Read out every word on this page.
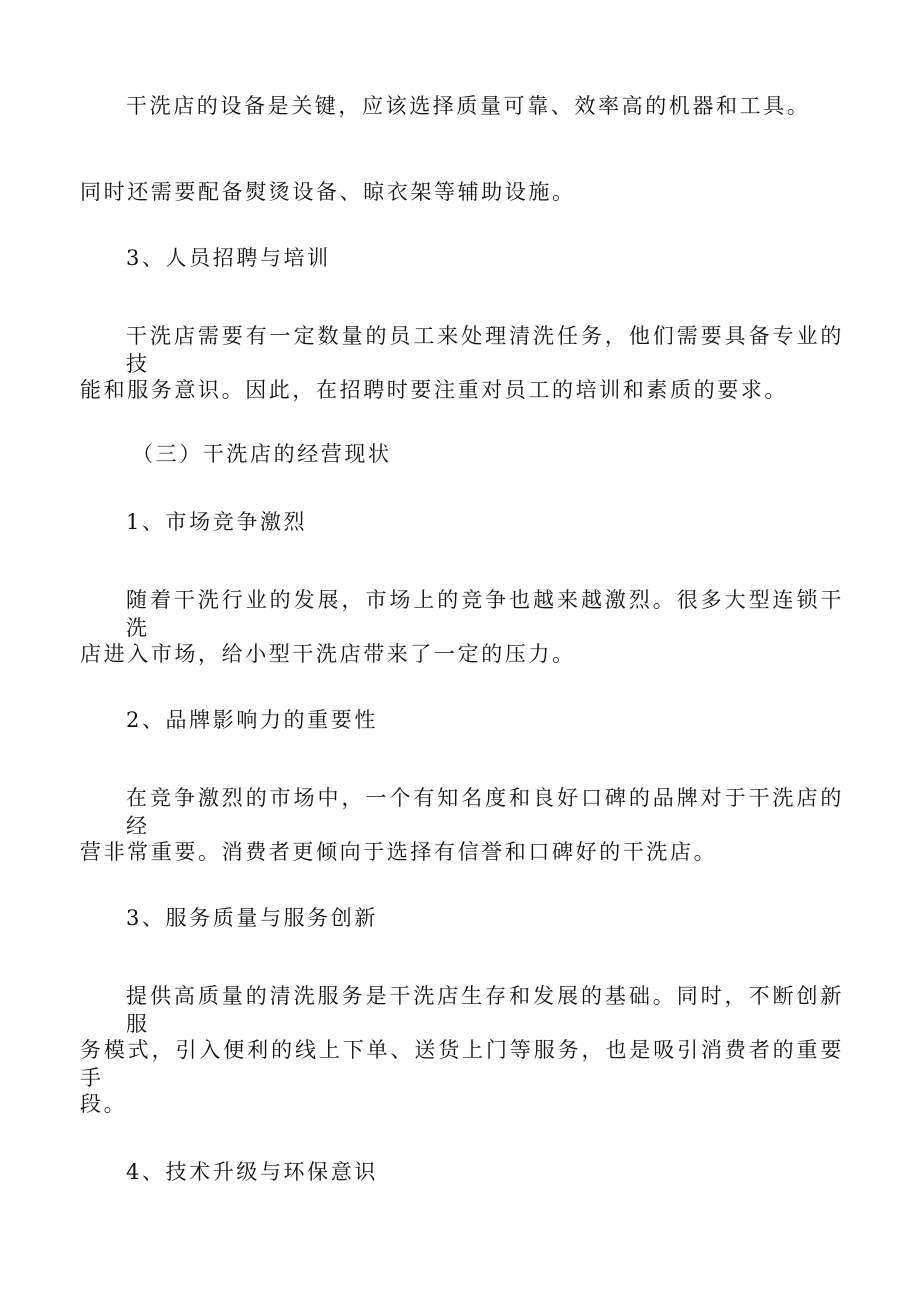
干洗店的设备是关键，应该选择质量可靠、效率高的机器和工具。
同时还需要配备熨烫设备、晾衣架等辅助设施。
3、人员招聘与培训
干洗店需要有一定数量的员工来处理清洗任务，他们需要具备专业的技
能和服务意识。因此，在招聘时要注重对员工的培训和素质的要求。
（三）干洗店的经营现状
1、市场竞争激烈
随着干洗行业的发展，市场上的竞争也越来越激烈。很多大型连锁干洗
店进入市场，给小型干洗店带来了一定的压力。
2、品牌影响力的重要性
在竞争激烈的市场中，一个有知名度和良好口碑的品牌对于干洗店的经
营非常重要。消费者更倾向于选择有信誉和口碑好的干洗店。
3、服务质量与服务创新
提供高质量的清洗服务是干洗店生存和发展的基础。同时，不断创新服
务模式，引入便利的线上下单、送货上门等服务，也是吸引消费者的重要手
段。
4、技术升级与环保意识
